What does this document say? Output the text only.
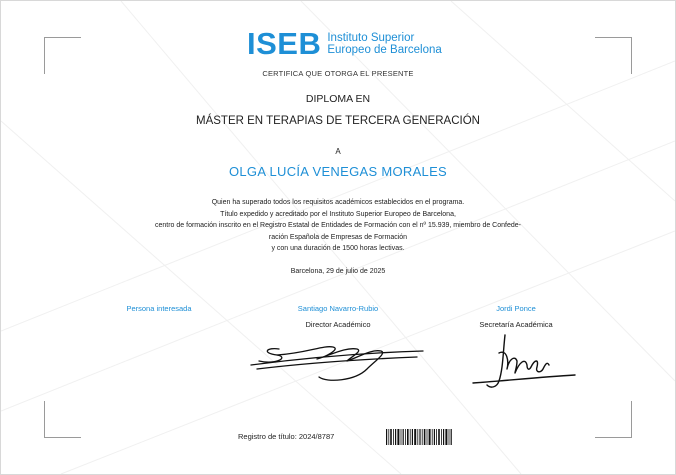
ISEB Instituto Superior
Europeo de Barcelona
CERTIFICA QUE OTORGA EL PRESENTE
DIPLOMA EN
MÁSTER EN TERAPIAS DE TERCERA GENERACIÓN
A
OLGA LUCÍA VENEGAS MORALES
Quien ha superado todos los requisitos académicos establecidos en el programa.
Título expedido y acreditado por el Instituto Superior Europeo de Barcelona,
centro de formación inscrito en el Registro Estatal de Entidades de Formación con el nº 15.939, miembro de Confede-
ración Española de Empresas de Formación
y con una duración de 1500 horas lectivas.
Barcelona, 29 de julio de 2025
Persona interesada	Santiago Navarro-Rubio
Director Académico
Jordi Ponce
Secretaría Académica
Registro de título: 2024/8787
